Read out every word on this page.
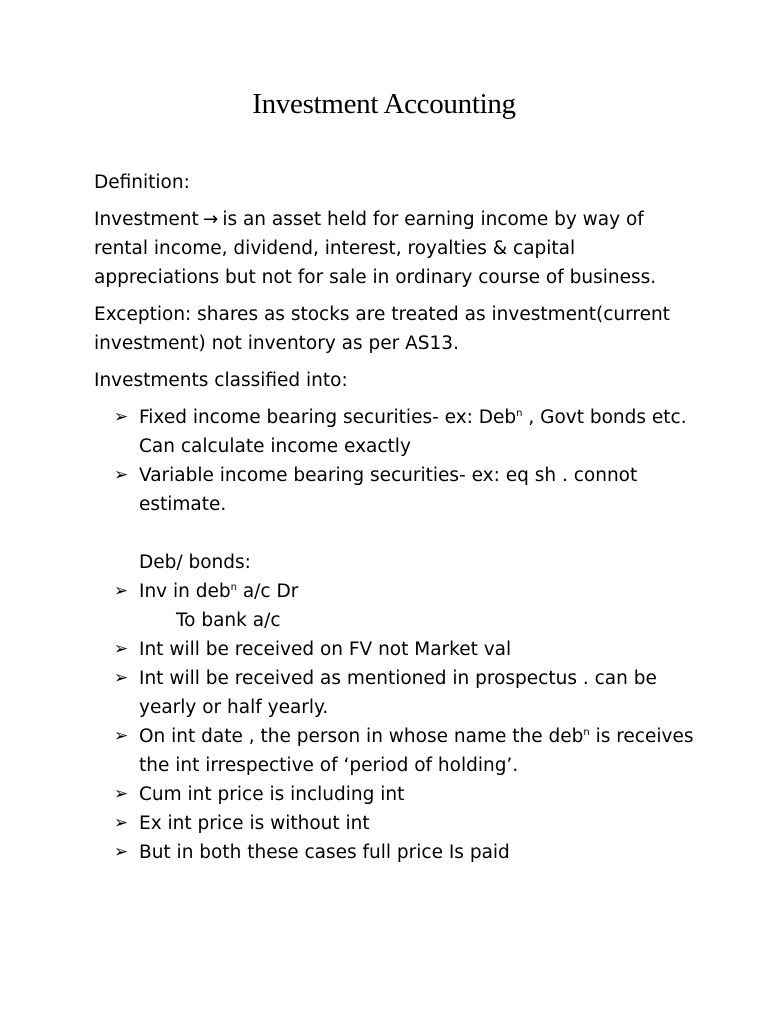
Investment Accounting

Definition:

Investment → is an asset held for earning income by way of rental income, dividend, interest, royalties & capital appreciations but not for sale in ordinary course of business.

Exception: shares as stocks are treated as investment(current investment) not inventory as per AS13.

Investments classified into:

➢ Fixed income bearing securities- ex: Deb$^n$ , Govt bonds etc. Can calculate income exactly
➢ Variable income bearing securities- ex: eq sh . connot estimate.
Deb/ bonds:
➢ Inv in deb$^n$ a/c Dr
To bank a/c
➢ Int will be received on FV not Market val
➢ Int will be received as mentioned in prospectus . can be yearly or half yearly.
➢ On int date , the person in whose name the deb$^n$ is receives the int irrespective of ‘period of holding’.
➢ Cum int price is including int
➢ Ex int price is without int
➢ But in both these cases full price Is paid
